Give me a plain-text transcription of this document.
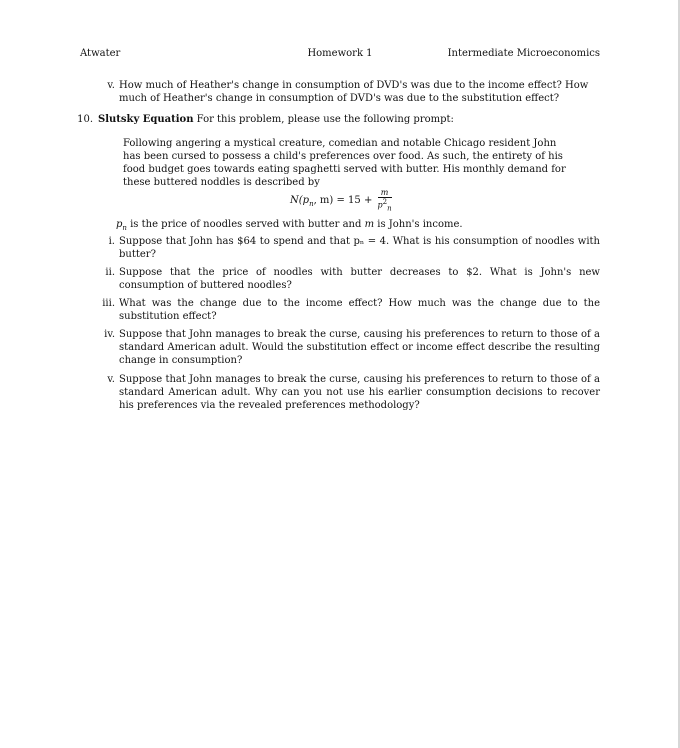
Atwater	Homework 1	Intermediate Microeconomics
v. How much of Heather's change in consumption of DVD's was due to the income effect? How much of Heather's change in consumption of DVD's was due to the substitution effect?
10. Slutsky Equation For this problem, please use the following prompt:
Following angering a mystical creature, comedian and notable Chicago resident John has been cursed to possess a child's preferences over food. As such, the entirety of his food budget goes towards eating spaghetti served with butter. His monthly demand for these buttered noddles is described by
$N(p_n$, $m) = 15 + \frac{m}{p^2_n}$
$p_n$ is the price of noodles served with butter and m is John's income.
i. Suppose that John has $64 to spend and that pₙ = 4. What is his consumption of noodles with butter?
ii. Suppose that the price of noodles with butter decreases to $2. What is John's new consumption of buttered noodles?
iii. What was the change due to the income effect? How much was the change due to the substitution effect?
iv. Suppose that John manages to break the curse, causing his preferences to return to those of a standard American adult. Would the substitution effect or income effect describe the resulting change in consumption?
v. Suppose that John manages to break the curse, causing his preferences to return to those of a standard American adult. Why can you not use his earlier consumption decisions to recover his preferences via the revealed preferences methodology?
